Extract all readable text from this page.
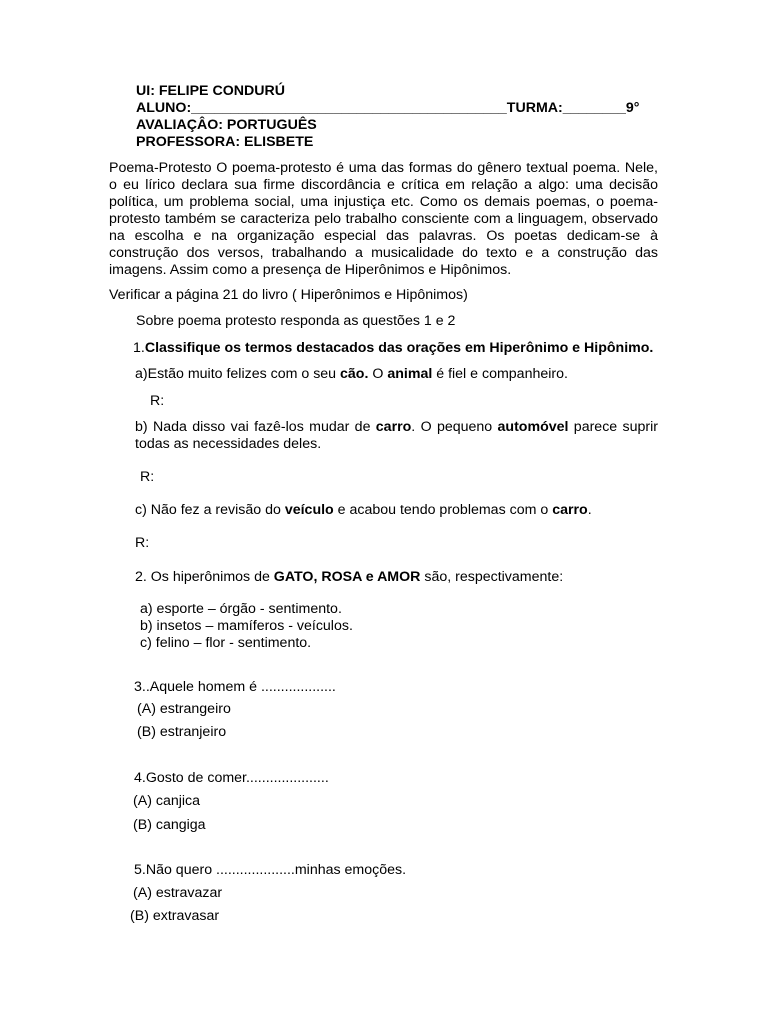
UI: FELIPE CONDURÚ
ALUNO:________________________________________TURMA:________9°
AVALIAÇÂO: PORTUGUÊS
PROFESSORA: ELISBETE
Poema-Protesto O poema-protesto é uma das formas do gênero textual poema. Nele, o eu lírico declara sua firme discordância e crítica em relação a algo: uma decisão política, um problema social, uma injustiça etc. Como os demais poemas, o poema-protesto também se caracteriza pelo trabalho consciente com a linguagem, observado na escolha e na organização especial das palavras. Os poetas dedicam-se à construção dos versos, trabalhando a musicalidade do texto e a construção das imagens. Assim como a presença de Hiperônimos e Hipônimos.
Verificar a página 21 do livro ( Hiperônimos e Hipônimos)
Sobre poema protesto responda as questões 1 e 2
1.Classifique os termos destacados das orações em Hiperônimo e Hipônimo.
a)Estão muito felizes com o seu cão. O animal é fiel e companheiro.
R:
b) Nada disso vai fazê-los mudar de carro. O pequeno automóvel parece suprir todas as necessidades deles.
R:
c) Não fez a revisão do veículo e acabou tendo problemas com o carro.
R:
2. Os hiperônimos de GATO, ROSA e AMOR são, respectivamente:
a) esporte – órgão - sentimento.
b) insetos – mamíferos - veículos.
c) felino – flor - sentimento.
3..Aquele homem é ...................
(A) estrangeiro
(B) estranjeiro
4.Gosto de comer.....................
(A) canjica
(B) cangiga
5.Não quero ....................minhas emoções.
(A) estravazar
(B) extravasar
